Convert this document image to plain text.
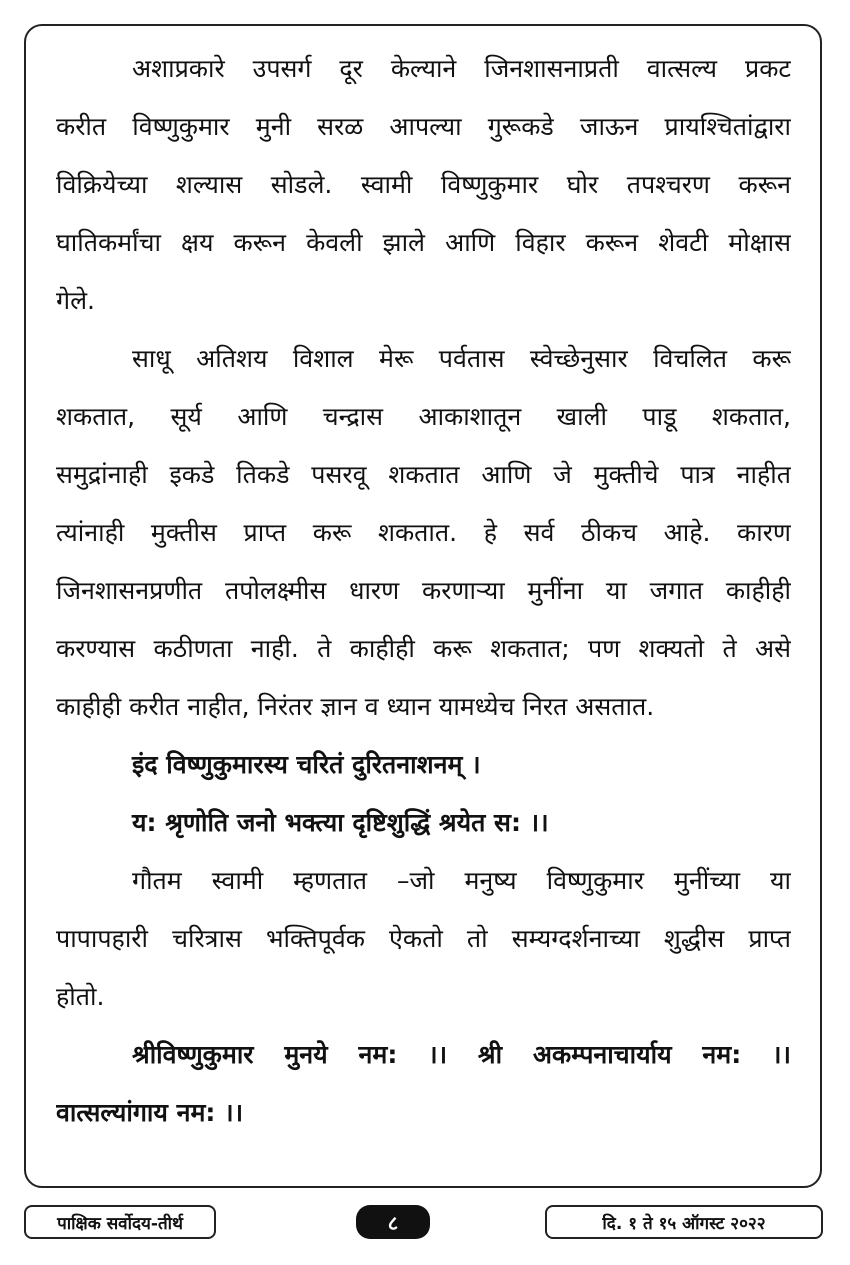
अशाप्रकारे उपसर्ग दूर केल्याने जिनशासनाप्रती वात्सल्य प्रकट
करीत विष्णुकुमार मुनी सरळ आपल्या गुरूकडे जाऊन प्रायश्चितांद्वारा
विक्रियेच्या शल्यास सोडले. स्वामी विष्णुकुमार घोर तपश्चरण करून
घातिकर्मांचा क्षय करून केवली झाले आणि विहार करून शेवटी मोक्षास
गेले.
साधू अतिशय विशाल मेरू पर्वतास स्वेच्छेनुसार विचलित करू
शकतात, सूर्य आणि चन्द्रास आकाशातून खाली पाडू शकतात,
समुद्रांनाही इकडे तिकडे पसरवू शकतात आणि जे मुक्तीचे पात्र नाहीत
त्यांनाही मुक्तीस प्राप्त करू शकतात. हे सर्व ठीकच आहे. कारण
जिनशासनप्रणीत तपोलक्ष्मीस धारण करणाऱ्या मुनींना या जगात काहीही
करण्यास कठीणता नाही. ते काहीही करू शकतात; पण शक्यतो ते असे
काहीही करीत नाहीत, निरंतर ज्ञान व ध्यान यामध्येच निरत असतात.
इंद विष्णुकुमारस्य चरितं दुरितनाशनम् ।
य: श्रृणोति जनो भक्त्या दृष्टिशुद्धिं श्रयेत स: ।।
गौतम स्वामी म्हणतात –जो मनुष्य विष्णुकुमार मुनींच्या या
पापापहारी चरित्रास भक्तिपूर्वक ऐकतो तो सम्यग्दर्शनाच्या शुद्धीस प्राप्त
होतो.
श्रीविष्णुकुमार मुनये नम: ।। श्री अकम्पनाचार्याय नम: ।।
वात्सल्यांगाय नम: ।।
पाक्षिक सर्वोदय-तीर्थ	८	दि. १ ते १५ ऑगस्ट २०२२
